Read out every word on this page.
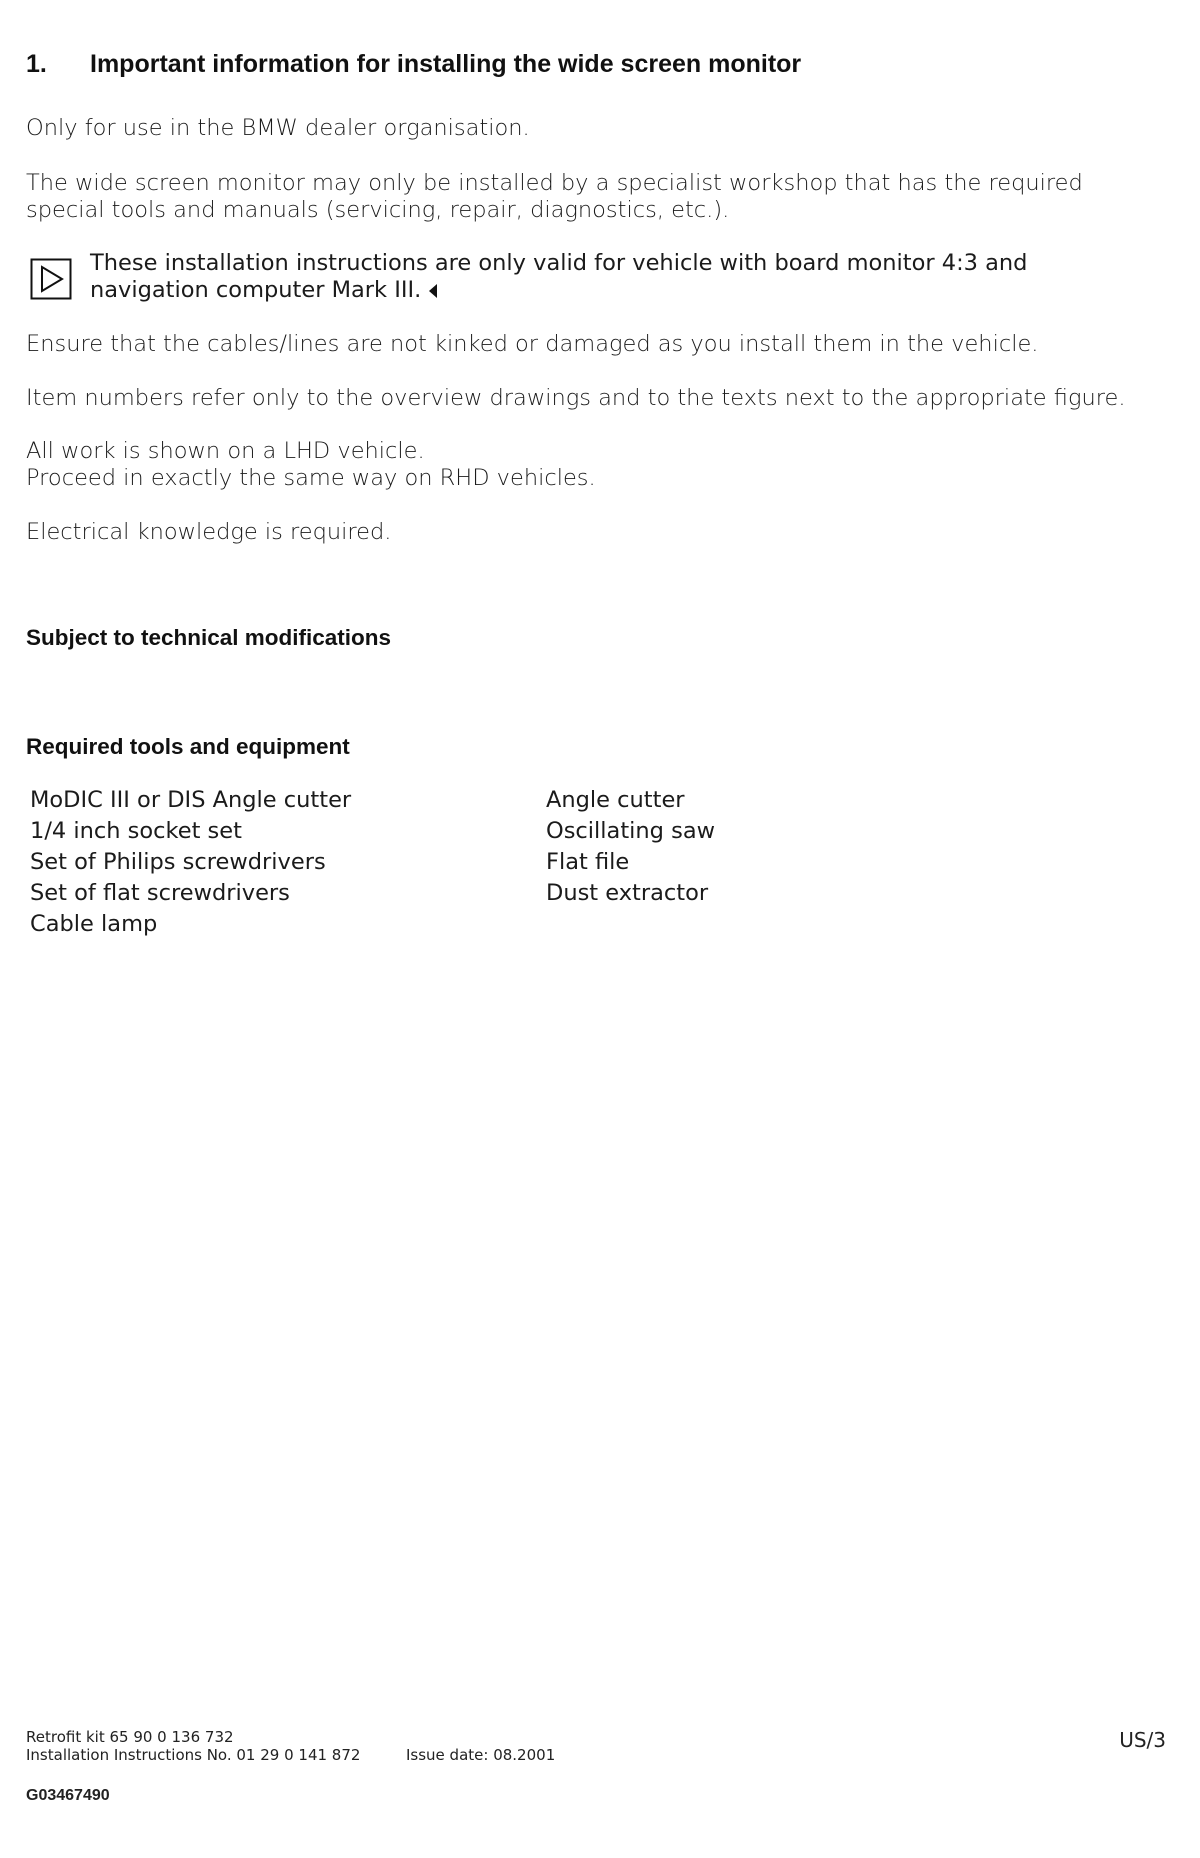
1. Important information for installing the wide screen monitor
Only for use in the BMW dealer organisation.
The wide screen monitor may only be installed by a specialist workshop that has the required
special tools and manuals (servicing, repair, diagnostics, etc.).
These installation instructions are only valid for vehicle with board monitor 4:3 and
navigation computer Mark III.
Ensure that the cables/lines are not kinked or damaged as you install them in the vehicle.
Item numbers refer only to the overview drawings and to the texts next to the appropriate figure.
All work is shown on a LHD vehicle.
Proceed in exactly the same way on RHD vehicles.
Electrical knowledge is required.
Subject to technical modifications
Required tools and equipment
MoDIC III or DIS Angle cutter
1/4 inch socket set
Set of Philips screwdrivers
Set of flat screwdrivers
Cable lamp
Angle cutter
Oscillating saw
Flat file
Dust extractor
Retrofit kit 65 90 0 136 732
Installation Instructions No. 01 29 0 141 872	Issue date: 08.2001
US/3
G03467490
